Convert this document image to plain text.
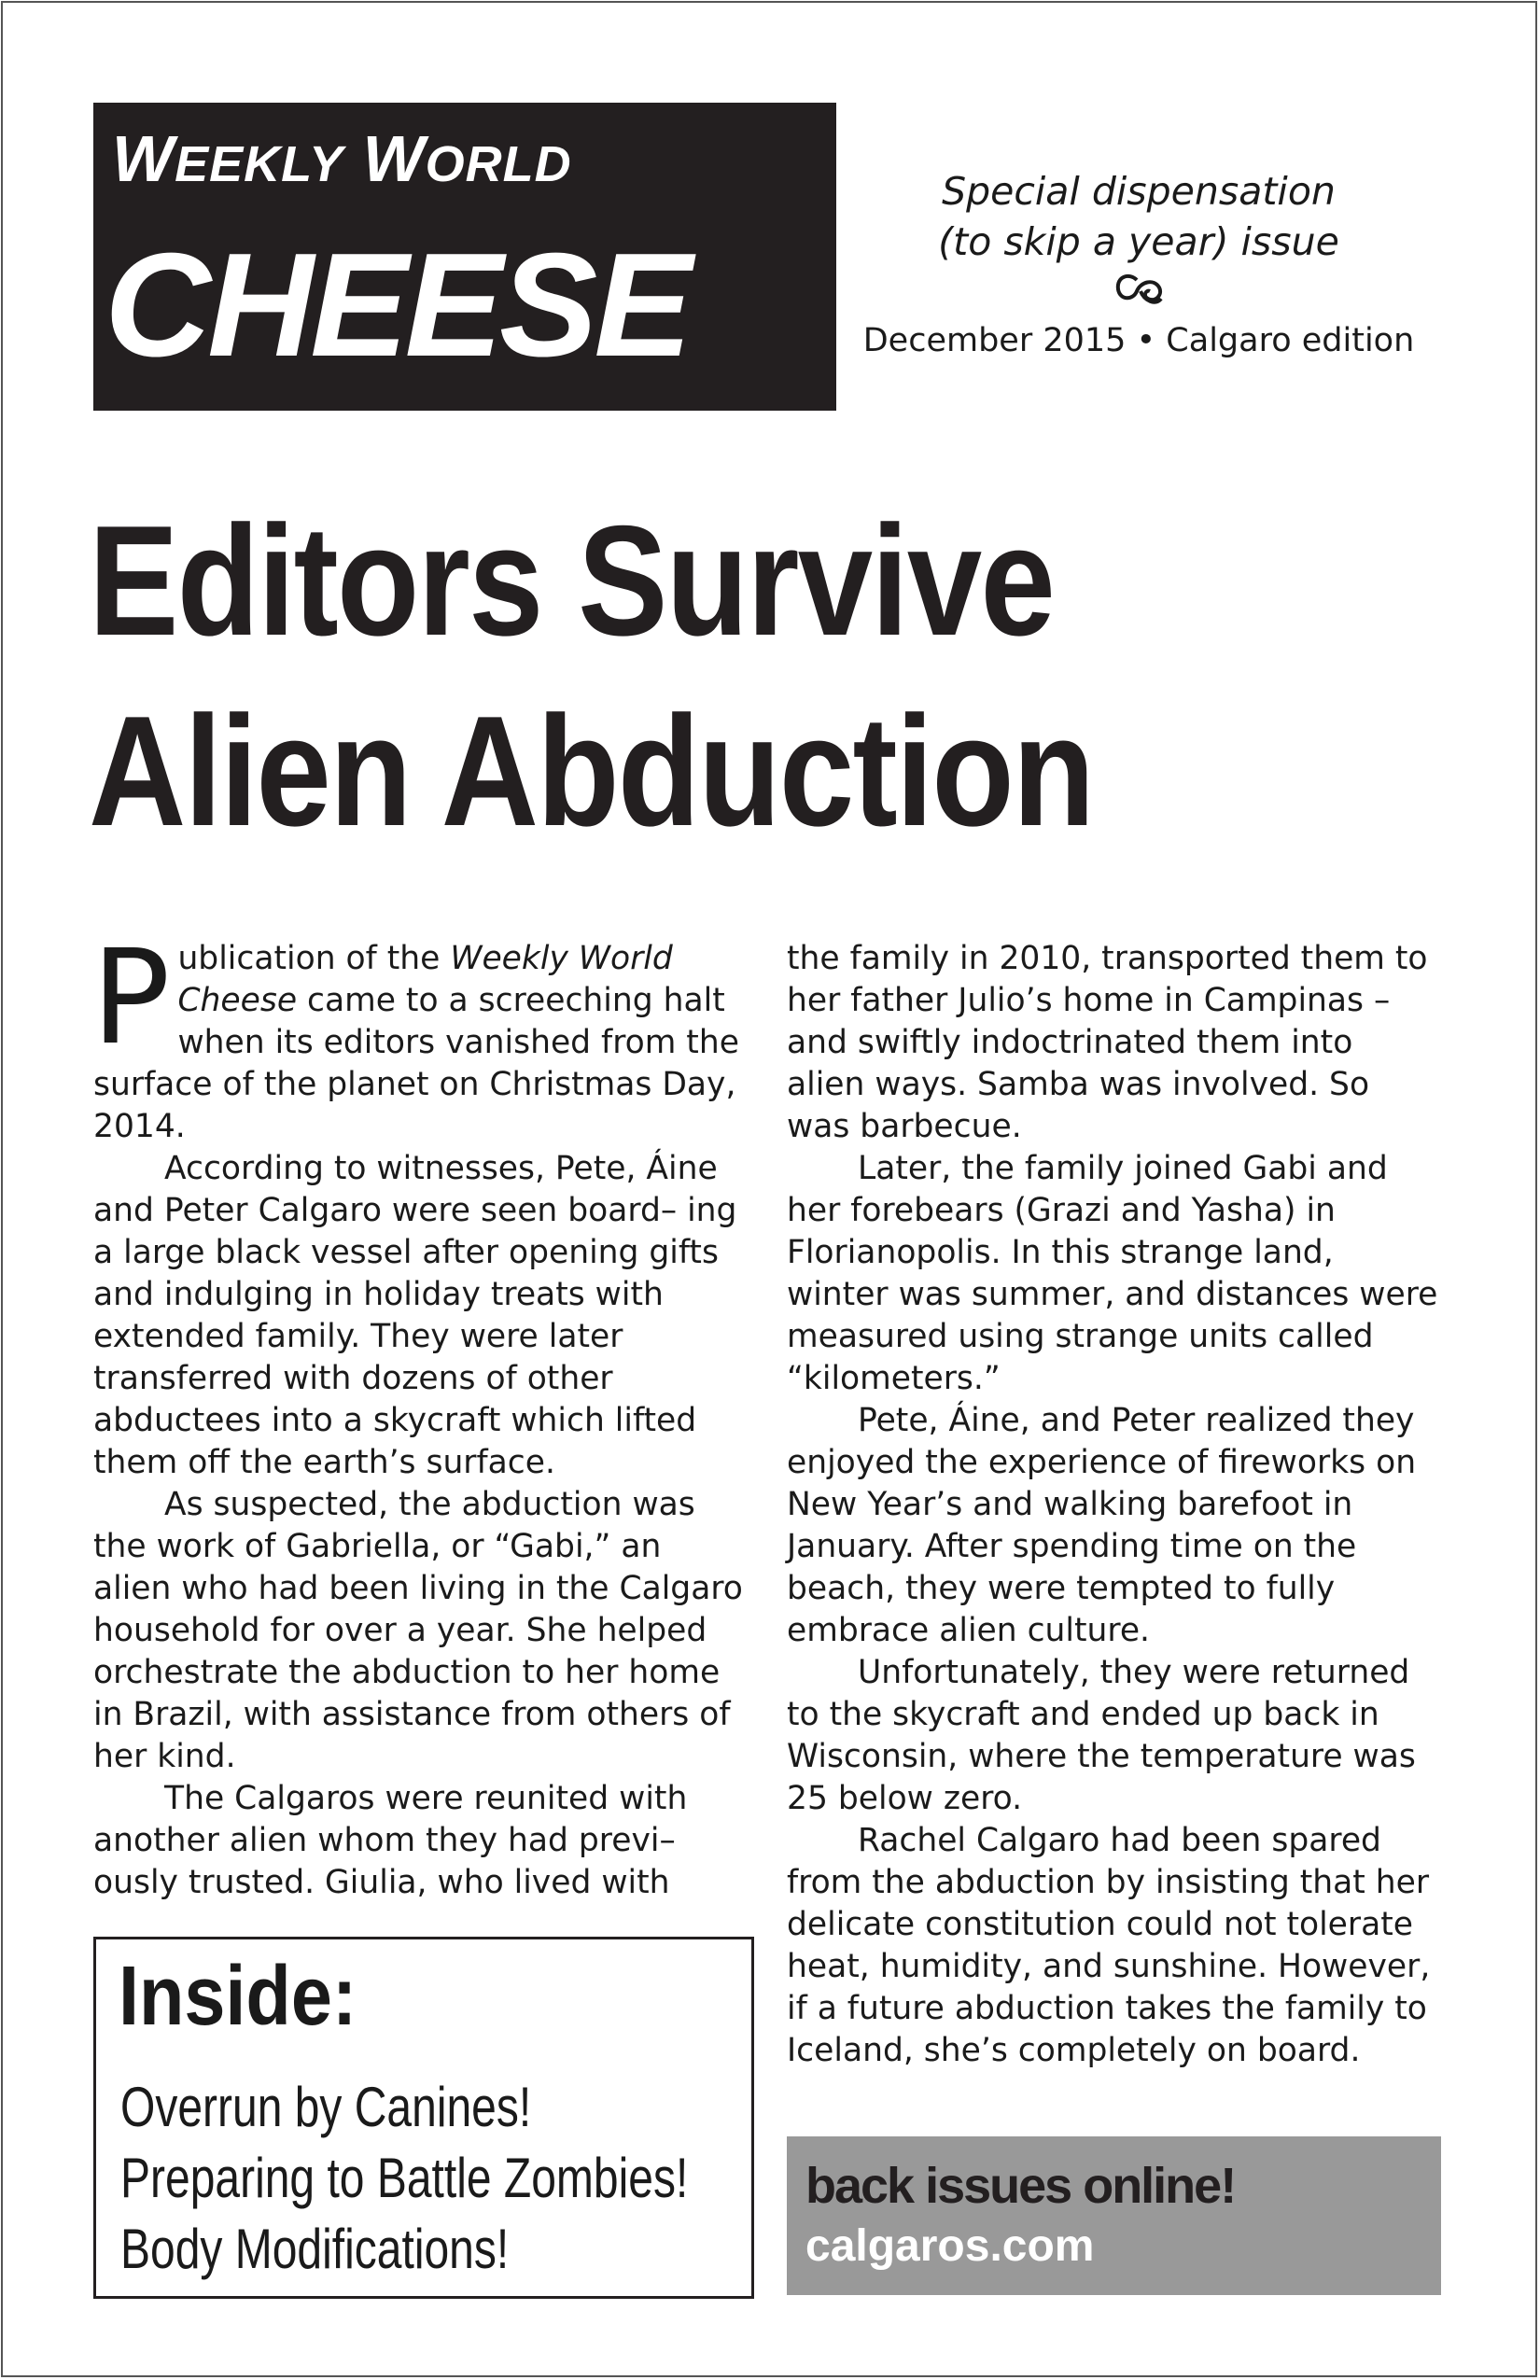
WEEKLY WORLD
CHEESE
Special dispensation
(to skip a year) issue
December 2015 • Calgaro edition
Editors Survive
Alien Abduction

Publication of the Weekly World Cheese came to a screeching halt when its editors vanished from the surface of the planet on Christmas Day, 2014.

According to witnesses, Pete, Áine and Peter Calgaro were seen board– ing a large black vessel after opening gifts and indulging in holiday treats with extended family. They were later transferred with dozens of other abductees into a skycraft which lifted them off the earth’s surface.

As suspected, the abduction was the work of Gabriella, or “Gabi,” an alien who had been living in the Calgaro household for over a year. She helped orchestrate the abduction to her home in Brazil, with assistance from others of her kind.

The Calgaros were reunited with another alien whom they had previ– ously trusted. Giulia, who lived with

the family in 2010, transported them to her father Julio’s home in Campinas – and swiftly indoctrinated them into alien ways. Samba was involved. So was barbecue.

Later, the family joined Gabi and her forebears (Grazi and Yasha) in Florianopolis. In this strange land, winter was summer, and distances were measured using strange units called “kilometers.”

Pete, Áine, and Peter realized they enjoyed the experience of fireworks on New Year’s and walking barefoot in January. After spending time on the beach, they were tempted to fully embrace alien culture.

Unfortunately, they were returned to the skycraft and ended up back in Wisconsin, where the temperature was 25 below zero.

Rachel Calgaro had been spared from the abduction by insisting that her delicate constitution could not tolerate heat, humidity, and sunshine. However, if a future abduction takes the family to Iceland, she’s completely on board.

Inside:
Overrun by Canines!
Preparing to Battle Zombies!
Body Modifications!
back issues online!
calgaros.com
